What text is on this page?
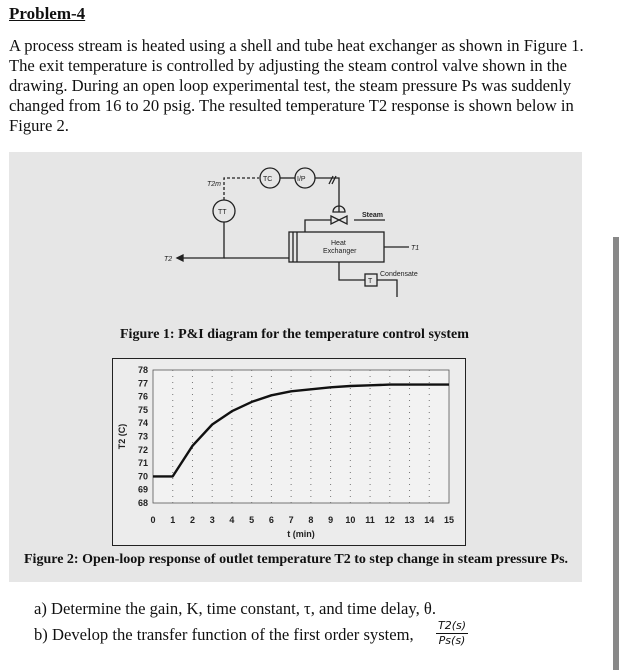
Problem-4
A process stream is heated using a shell and tube heat exchanger as shown in Figure 1. The exit temperature is controlled by adjusting the steam control valve shown in the drawing. During an open loop experimental test, the steam pressure Ps was suddenly changed from 16 to 20 psig. The resulted temperature T2 response is shown below in Figure 2.
TC	I/P
TT
T2m
T2
T1
Steam
Heat
Exchanger
T
Condensate
Figure 1: P&I diagram for the temperature control system
Figure 2: Open-loop response of outlet temperature T2 to step change in steam pressure Ps.
0 1 2 3 4 5 6 7 8 9 10 11 12 13 14 15
68
69
70
71
72
73
74
75
76
77
78
t (min)
T2 (C)
a) Determine the gain, K, time constant, τ, and time delay, θ.
b) Develop the transfer function of the first order system, $\frac{T2(s)}{Ps(s)}$
